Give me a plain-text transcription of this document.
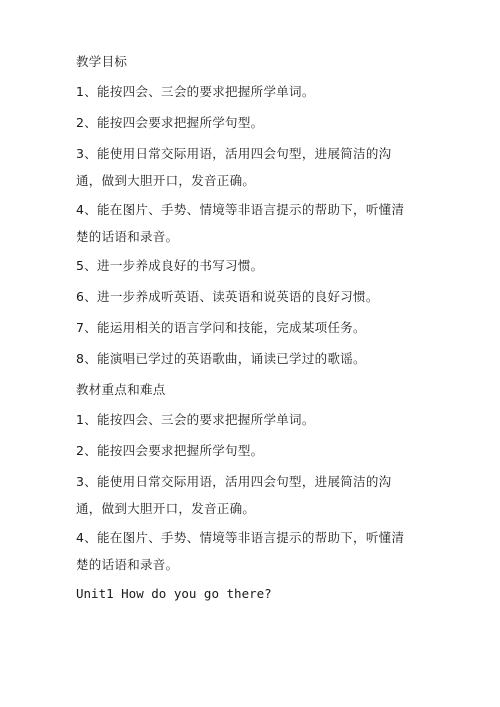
教学目标
1、能按四会、三会的要求把握所学单词。
2、能按四会要求把握所学句型。
3、能使用日常交际用语，活用四会句型，进展简洁的沟通，做到大胆开口，发音正确。
4、能在图片、手势、情境等非语言提示的帮助下，听懂清楚的话语和录音。
5、进一步养成良好的书写习惯。
6、进一步养成听英语、读英语和说英语的良好习惯。
7、能运用相关的语言学问和技能，完成某项任务。
8、能演唱已学过的英语歌曲，诵读已学过的歌谣。
教材重点和难点
1、能按四会、三会的要求把握所学单词。
2、能按四会要求把握所学句型。
3、能使用日常交际用语，活用四会句型，进展简洁的沟通，做到大胆开口，发音正确。
4、能在图片、手势、情境等非语言提示的帮助下，听懂清楚的话语和录音。
Unit1 How do you go there?
